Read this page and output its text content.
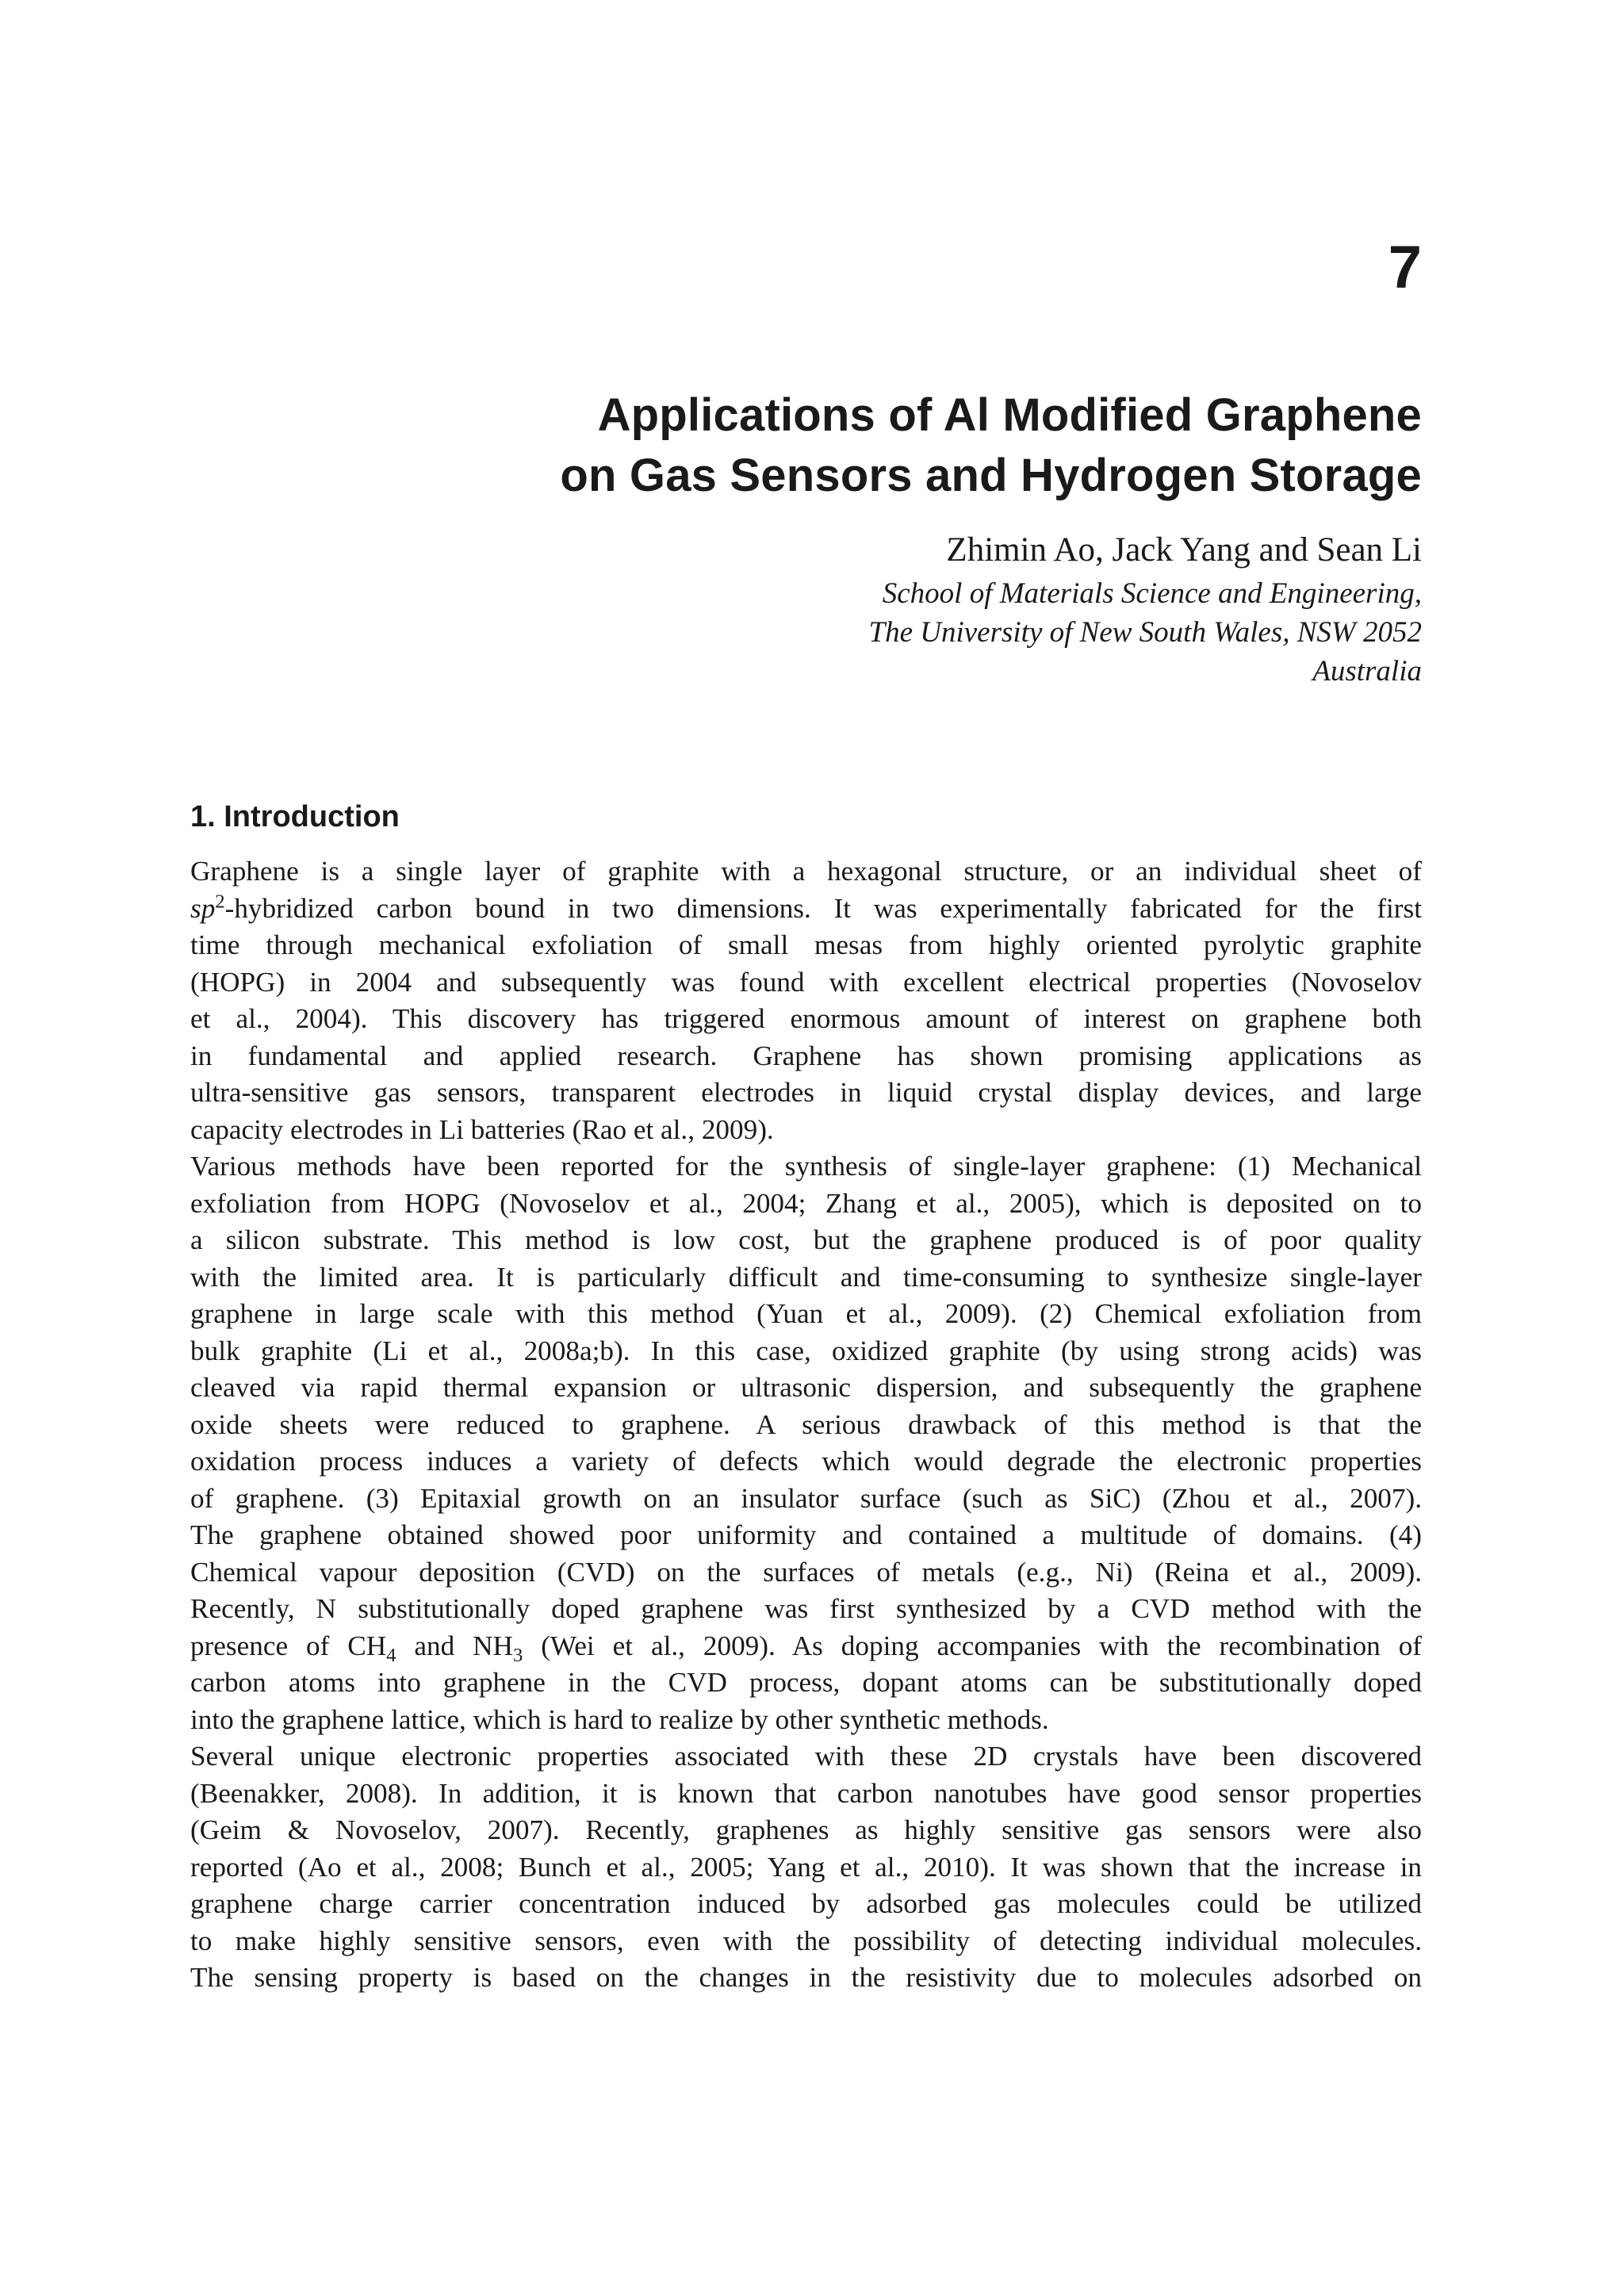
7
Applications of Al Modified Graphene
on Gas Sensors and Hydrogen Storage
Zhimin Ao, Jack Yang and Sean Li
School of Materials Science and Engineering,
The University of New South Wales, NSW 2052
Australia
1. Introduction
Graphene is a single layer of graphite with a hexagonal structure, or an individual sheet of
$sp^2$-hybridized carbon bound in two dimensions. It was experimentally fabricated for the first
time through mechanical exfoliation of small mesas from highly oriented pyrolytic graphite
(HOPG) in 2004 and subsequently was found with excellent electrical properties (Novoselov
et al., 2004). This discovery has triggered enormous amount of interest on graphene both
in fundamental and applied research. Graphene has shown promising applications as
ultra-sensitive gas sensors, transparent electrodes in liquid crystal display devices, and large
capacity electrodes in Li batteries (Rao et al., 2009).
Various methods have been reported for the synthesis of single-layer graphene: (1) Mechanical
exfoliation from HOPG (Novoselov et al., 2004; Zhang et al., 2005), which is deposited on to
a silicon substrate. This method is low cost, but the graphene produced is of poor quality
with the limited area. It is particularly difficult and time-consuming to synthesize single-layer
graphene in large scale with this method (Yuan et al., 2009). (2) Chemical exfoliation from
bulk graphite (Li et al., 2008a;b). In this case, oxidized graphite (by using strong acids) was
cleaved via rapid thermal expansion or ultrasonic dispersion, and subsequently the graphene
oxide sheets were reduced to graphene. A serious drawback of this method is that the
oxidation process induces a variety of defects which would degrade the electronic properties
of graphene. (3) Epitaxial growth on an insulator surface (such as SiC) (Zhou et al., 2007).
The graphene obtained showed poor uniformity and contained a multitude of domains. (4)
Chemical vapour deposition (CVD) on the surfaces of metals (e.g., Ni) (Reina et al., 2009).
Recently, N substitutionally doped graphene was first synthesized by a CVD method with the
presence of $CH_4$ and $NH_3$ (Wei et al., 2009). As doping accompanies with the recombination of
carbon atoms into graphene in the CVD process, dopant atoms can be substitutionally doped
into the graphene lattice, which is hard to realize by other synthetic methods.
Several unique electronic properties associated with these 2D crystals have been discovered
(Beenakker, 2008). In addition, it is known that carbon nanotubes have good sensor properties
(Geim & Novoselov, 2007). Recently, graphenes as highly sensitive gas sensors were also
reported (Ao et al., 2008; Bunch et al., 2005; Yang et al., 2010). It was shown that the increase in
graphene charge carrier concentration induced by adsorbed gas molecules could be utilized
to make highly sensitive sensors, even with the possibility of detecting individual molecules.
The sensing property is based on the changes in the resistivity due to molecules adsorbed on
